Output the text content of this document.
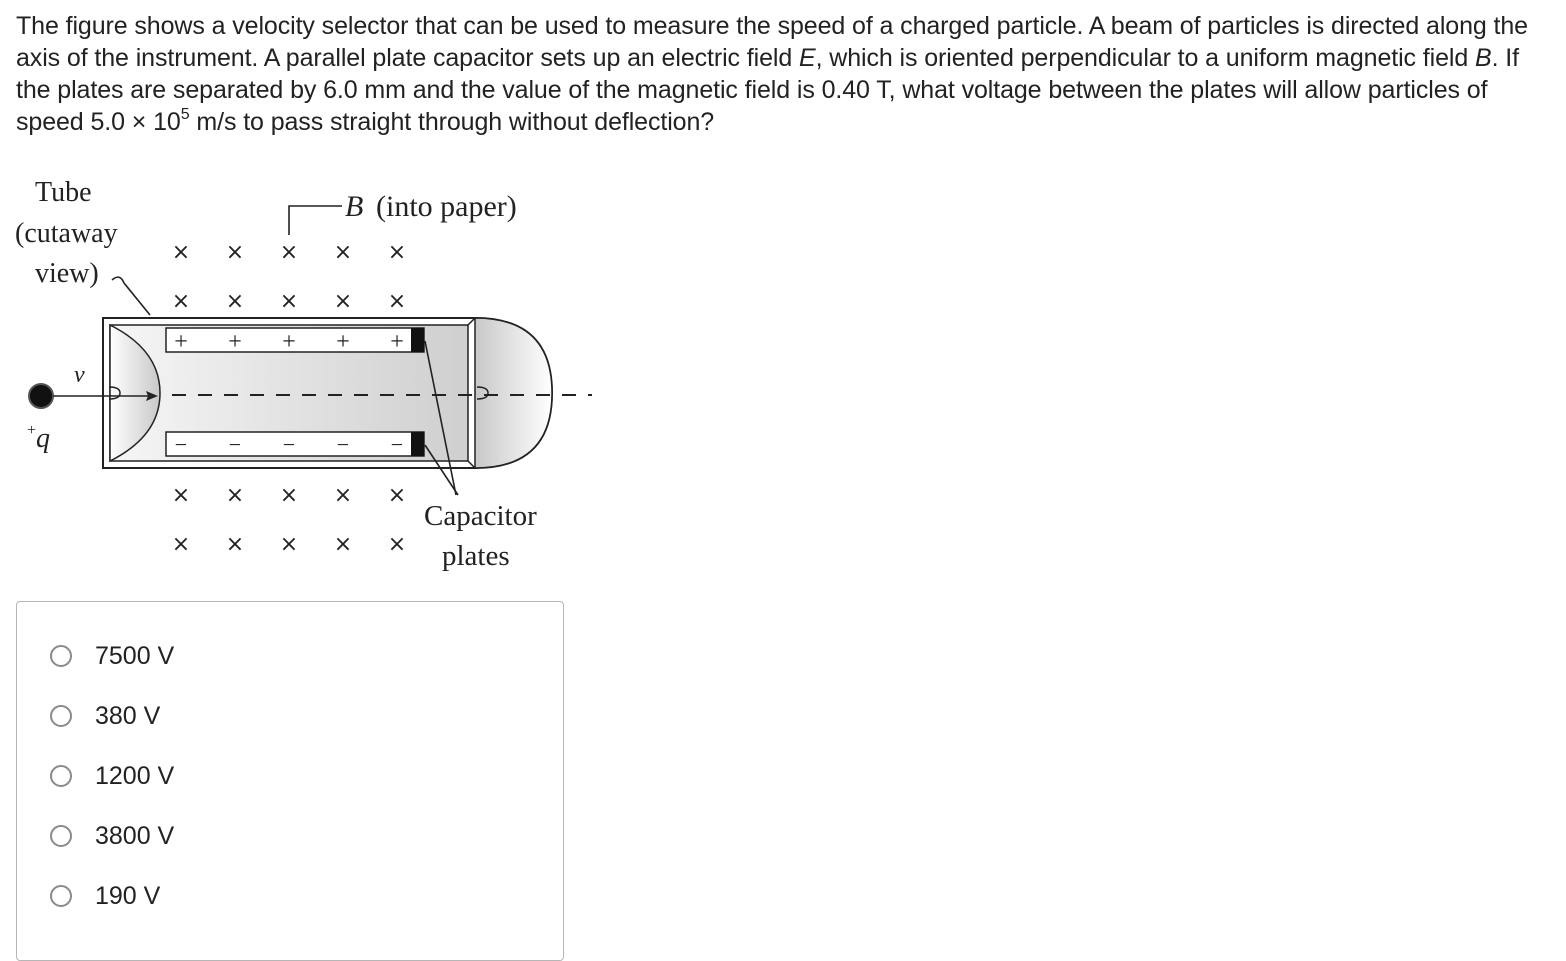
The figure shows a velocity selector that can be used to measure the speed of a charged particle. A beam of particles is directed along the axis of the instrument. A parallel plate capacitor sets up an electric field E, which is oriented perpendicular to a uniform magnetic field B. If the plates are separated by 6.0 mm and the value of the magnetic field is 0.40 T, what voltage between the plates will allow particles of speed $5.0 \times 10^5$ m/s to pass straight through without deflection?

Tube
(cutaway
view)
B (into paper)
× × × × ×
× × × × ×
+ + + + +
− − − − −
v
+ q
× × × × ×
× × × × ×
Capacitor
plates
7500 V
380 V
1200 V
3800 V
190 V
